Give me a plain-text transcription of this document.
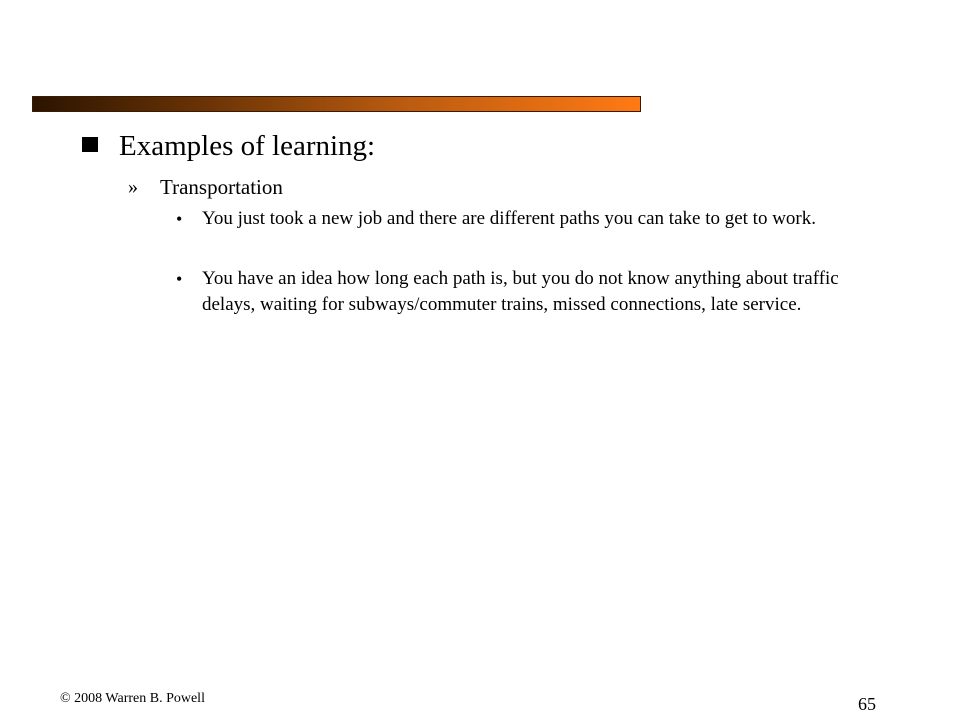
Examples of learning:
» Transportation
• You just took a new job and there are different paths you can take to get to work.
• You have an idea how long each path is, but you do not know anything about traffic delays, waiting for subways/commuter trains, missed connections, late service.
© 2008 Warren B. Powell	65
